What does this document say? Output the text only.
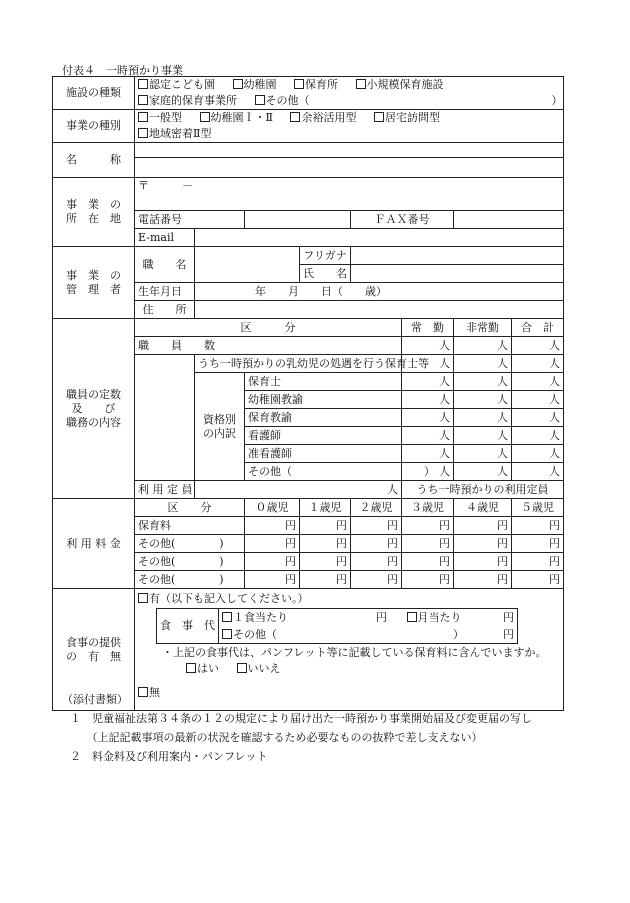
付表４　一時預かり事業
施設の種類	認定こども園	幼稚園	保育所	小規模保育施設
家庭的保育事業所	その他（　　　　　　　　　　　　　　　　　　　　　　）
事業の種別	一般型	幼稚園Ｉ・Ⅱ	余裕活用型	居宅訪問型
地域密着Ⅱ型
名　　　称	

事　業　の
所　在　地	〒　　　－

電話番号		ＦＡＸ番号		
E-mail	
事　業　の
管　理　者	職　　名		フリガナ	
氏　　名	
生年月日	年　　月　　日（　　歳）
住　　所	
職員の定数
及　　び
職務の内容	区　　　分	常　勤	非常勤	合　計
職　　員　　数	人	人	人
	うち一時預かりの乳幼児の処遇を行う保育士等	人	人	人
	資格別
の内訳	保育士	人	人	人
幼稚園教諭	人	人	人
保育教諭	人	人	人
看護師	人	人	人
准看護師	人	人	人
その他（　　　　　　　　　　　　）	人	人	人
利 用 定 員	人	うち一時預かりの利用定員	
利 用 料 金	区　　分	０歳児	１歳児	２歳児	３歳児	４歳児	５歳児
保育料	円	円	円	円	円	円
その他(　　　　)	円	円	円	円	円	円
その他(　　　　)	円	円	円	円	円	円
その他(　　　　)	円	円	円	円	円	円
食事の提供
の　有　無	
有（以下も記入してください。）
食　事　代	１食当たり　　　　　　　　円	月当たり	円

その他（　　　　　　　　　　　　　　　　）	円
・上記の食事代は、パンフレット等に記載している保育料に含んでいますか。
はい	いいえ
無
（添付書類）
１　児童福祉法第３４条の１２の規定により届け出た一時預かり事業開始届及び変更届の写し
　　（上記記載事項の最新の状況を確認するため必要なものの抜粋で差し支えない）
２　料金料及び利用案内・パンフレット
